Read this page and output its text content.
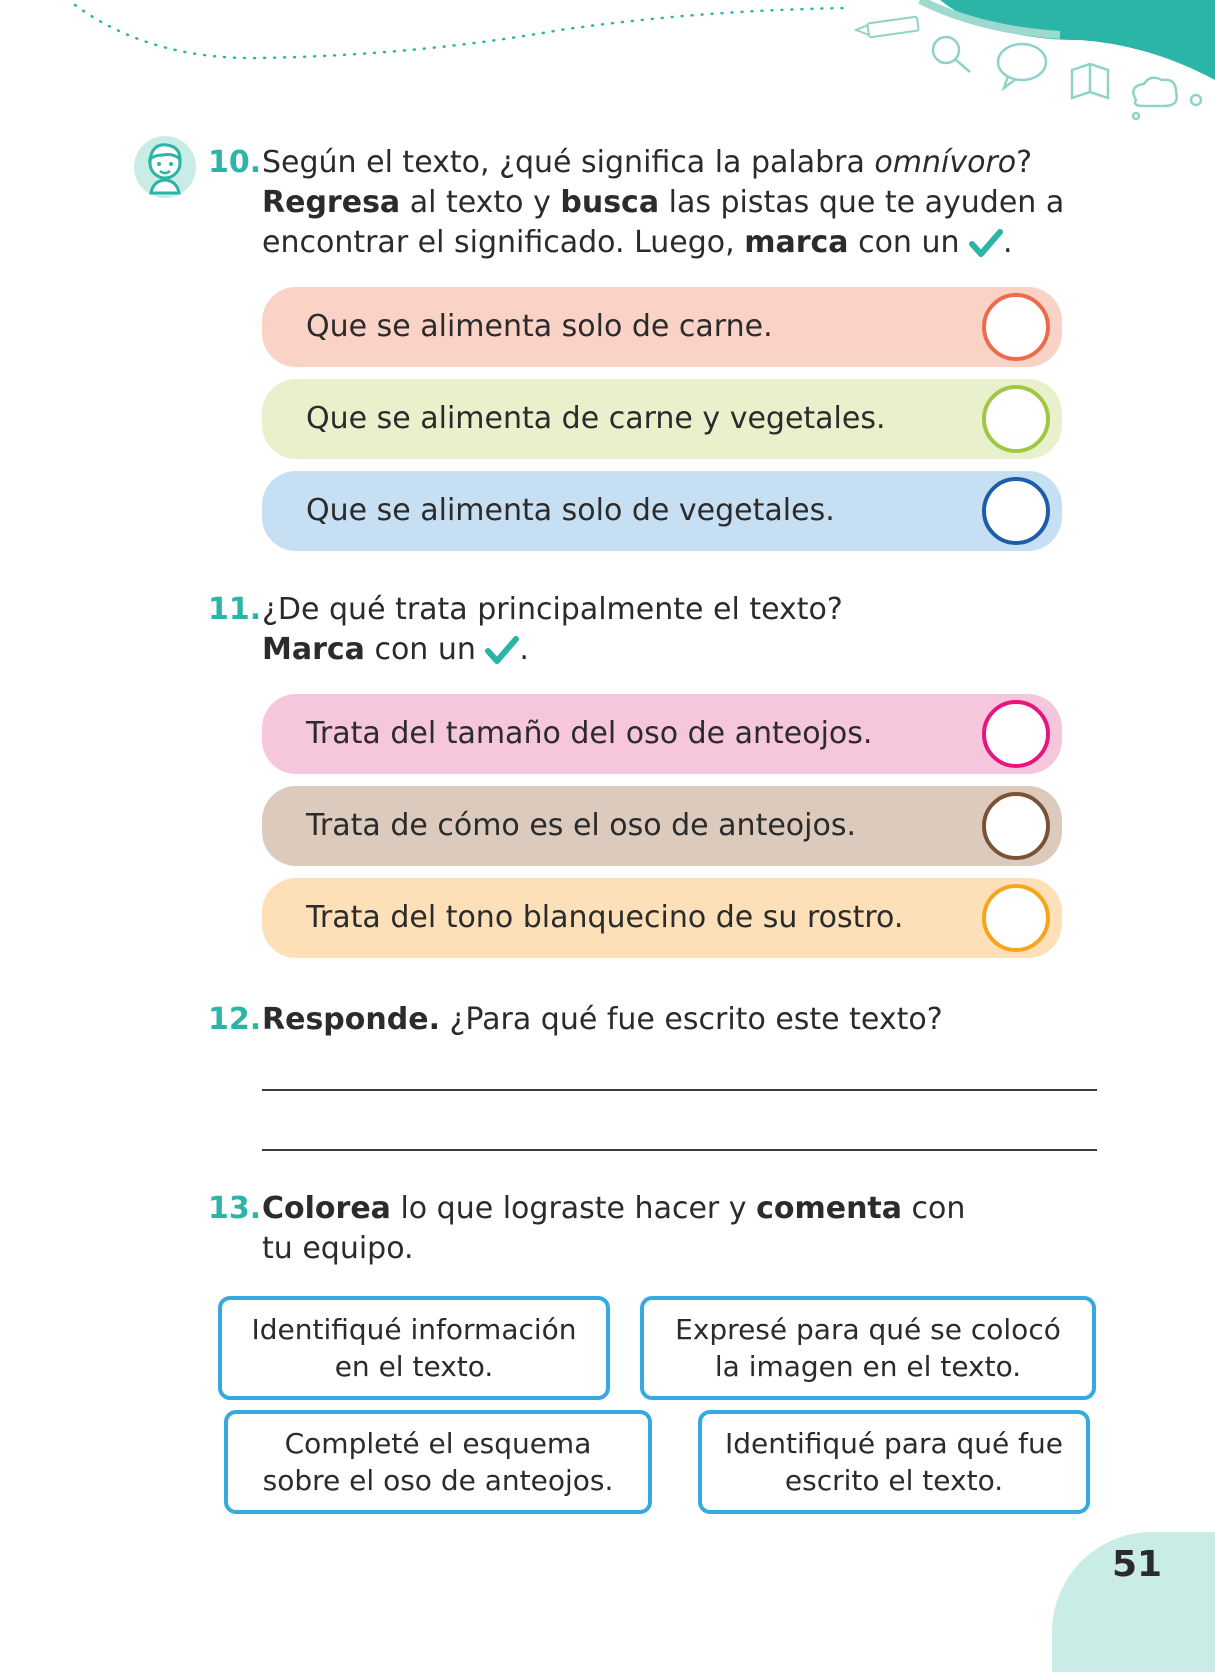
10. Según el texto, ¿qué significa la palabra omnívoro?
Regresa al texto y busca las pistas que te ayuden a
encontrar el significado. Luego, marca con un .
Que se alimenta solo de carne.
Que se alimenta de carne y vegetales.
Que se alimenta solo de vegetales.
11. ¿De qué trata principalmente el texto?
Marca con un .
Trata del tamaño del oso de anteojos.
Trata de cómo es el oso de anteojos.
Trata del tono blanquecino de su rostro.
12. Responde. ¿Para qué fue escrito este texto?
13. Colorea lo que lograste hacer y comenta con
tu equipo.
Identifiqué información
en el texto.
Expresé para qué se colocó
la imagen en el texto.
Completé el esquema
sobre el oso de anteojos.
Identifiqué para qué fue
escrito el texto.
51
